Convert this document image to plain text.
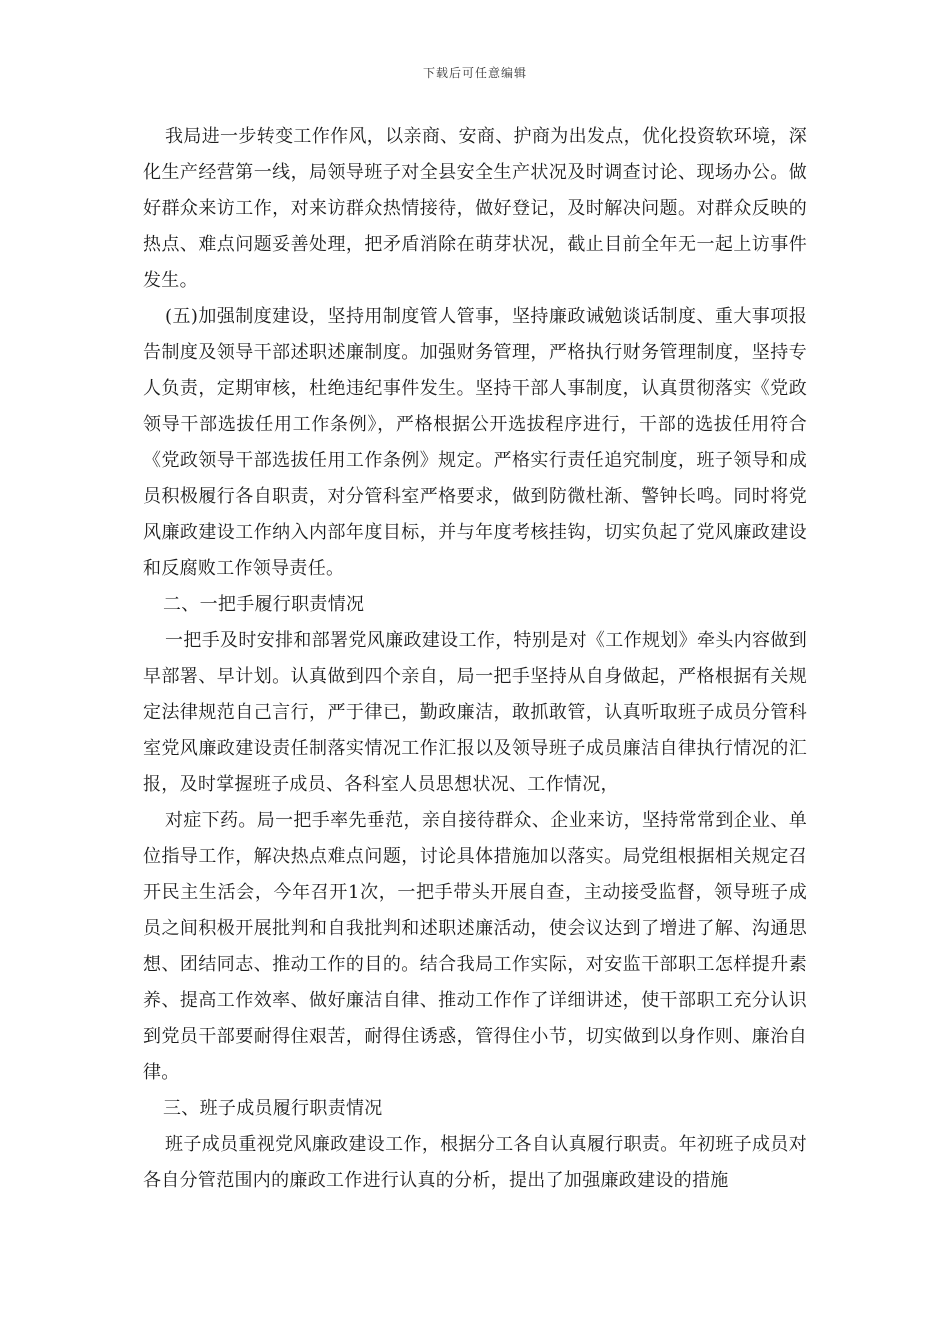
下载后可任意编辑

我局进一步转变工作作风，以亲商、安商、护商为出发点，优化投资软环境，深化生产经营第一线，局领导班子对全县安全生产状况及时调查讨论、现场办公。做好群众来访工作，对来访群众热情接待，做好登记，及时解决问题。对群众反映的热点、难点问题妥善处理，把矛盾消除在萌芽状况，截止目前全年无一起上访事件发生。

(五)加强制度建设，坚持用制度管人管事，坚持廉政诫勉谈话制度、重大事项报告制度及领导干部述职述廉制度。加强财务管理，严格执行财务管理制度，坚持专人负责，定期审核，杜绝违纪事件发生。坚持干部人事制度，认真贯彻落实《党政领导干部选拔任用工作条例》，严格根据公开选拔程序进行，干部的选拔任用符合《党政领导干部选拔任用工作条例》规定。严格实行责任追究制度，班子领导和成员积极履行各自职责，对分管科室严格要求，做到防微杜渐、警钟长鸣。同时将党风廉政建设工作纳入内部年度目标，并与年度考核挂钩，切实负起了党风廉政建设和反腐败工作领导责任。

二、一把手履行职责情况

一把手及时安排和部署党风廉政建设工作，特别是对《工作规划》牵头内容做到早部署、早计划。认真做到四个亲自，局一把手坚持从自身做起，严格根据有关规定法律规范自己言行，严于律已，勤政廉洁，敢抓敢管，认真听取班子成员分管科室党风廉政建设责任制落实情况工作汇报以及领导班子成员廉洁自律执行情况的汇报，及时掌握班子成员、各科室人员思想状况、工作情况，

对症下药。局一把手率先垂范，亲自接待群众、企业来访，坚持常常到企业、单位指导工作，解决热点难点问题，讨论具体措施加以落实。局党组根据相关规定召开民主生活会，今年召开1次，一把手带头开展自查，主动接受监督，领导班子成员之间积极开展批判和自我批判和述职述廉活动，使会议达到了增进了解、沟通思想、团结同志、推动工作的目的。结合我局工作实际，对安监干部职工怎样提升素养、提高工作效率、做好廉洁自律、推动工作作了详细讲述，使干部职工充分认识到党员干部要耐得住艰苦，耐得住诱惑，管得住小节，切实做到以身作则、廉治自律。

三、班子成员履行职责情况

班子成员重视党风廉政建设工作，根据分工各自认真履行职责。年初班子成员对各自分管范围内的廉政工作进行认真的分析，提出了加强廉政建设的措施
